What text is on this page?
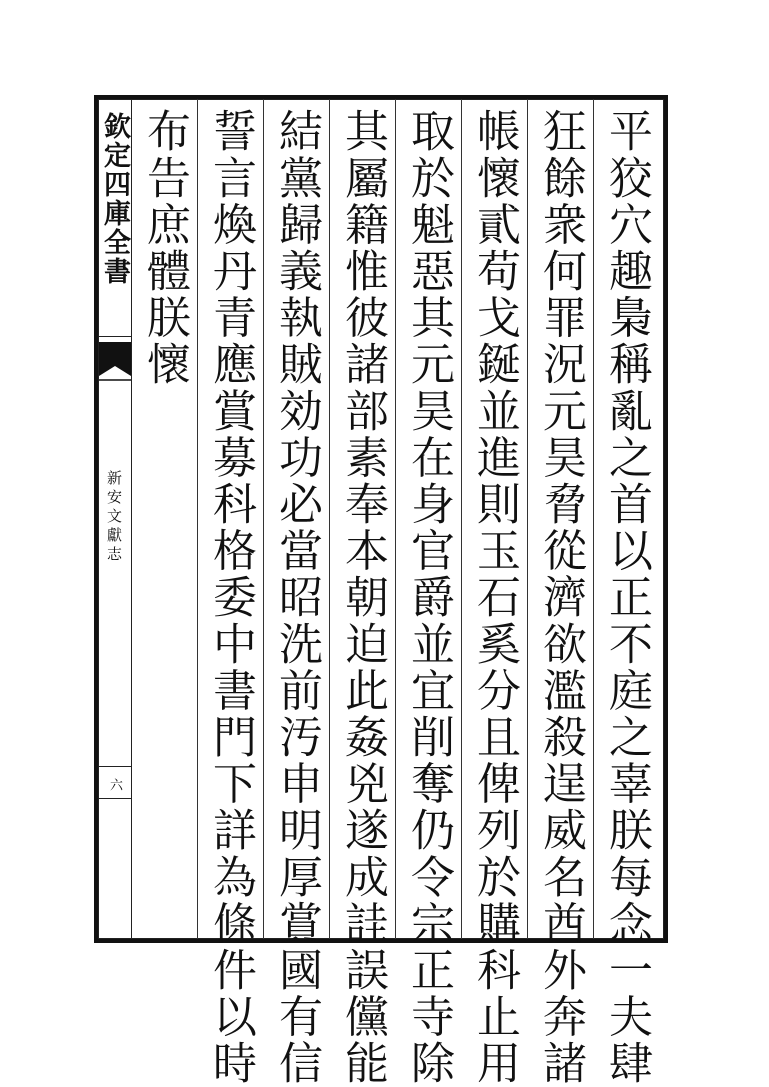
欽定四庫全書
新安文獻志
六	平狡穴趣梟稱亂之首以正不庭之辜朕每念一夫肆
狂餘衆何罪況元昊脅從濟欲濫殺逞威名酋外奔諸
帳懷貳苟戈鋋並進則玉石奚分且俾列於購科止用
取於魁惡其元昊在身官爵並宜削奪仍令宗正寺除
其屬籍惟彼諸部素奉本朝迫此姦兇遂成詿誤儻能
結黨歸義執賊効功必當昭洗前汚申明厚賞國有信
誓言煥丹青應賞募科格委中書門下詳為條件以時
布告庶體朕懷
